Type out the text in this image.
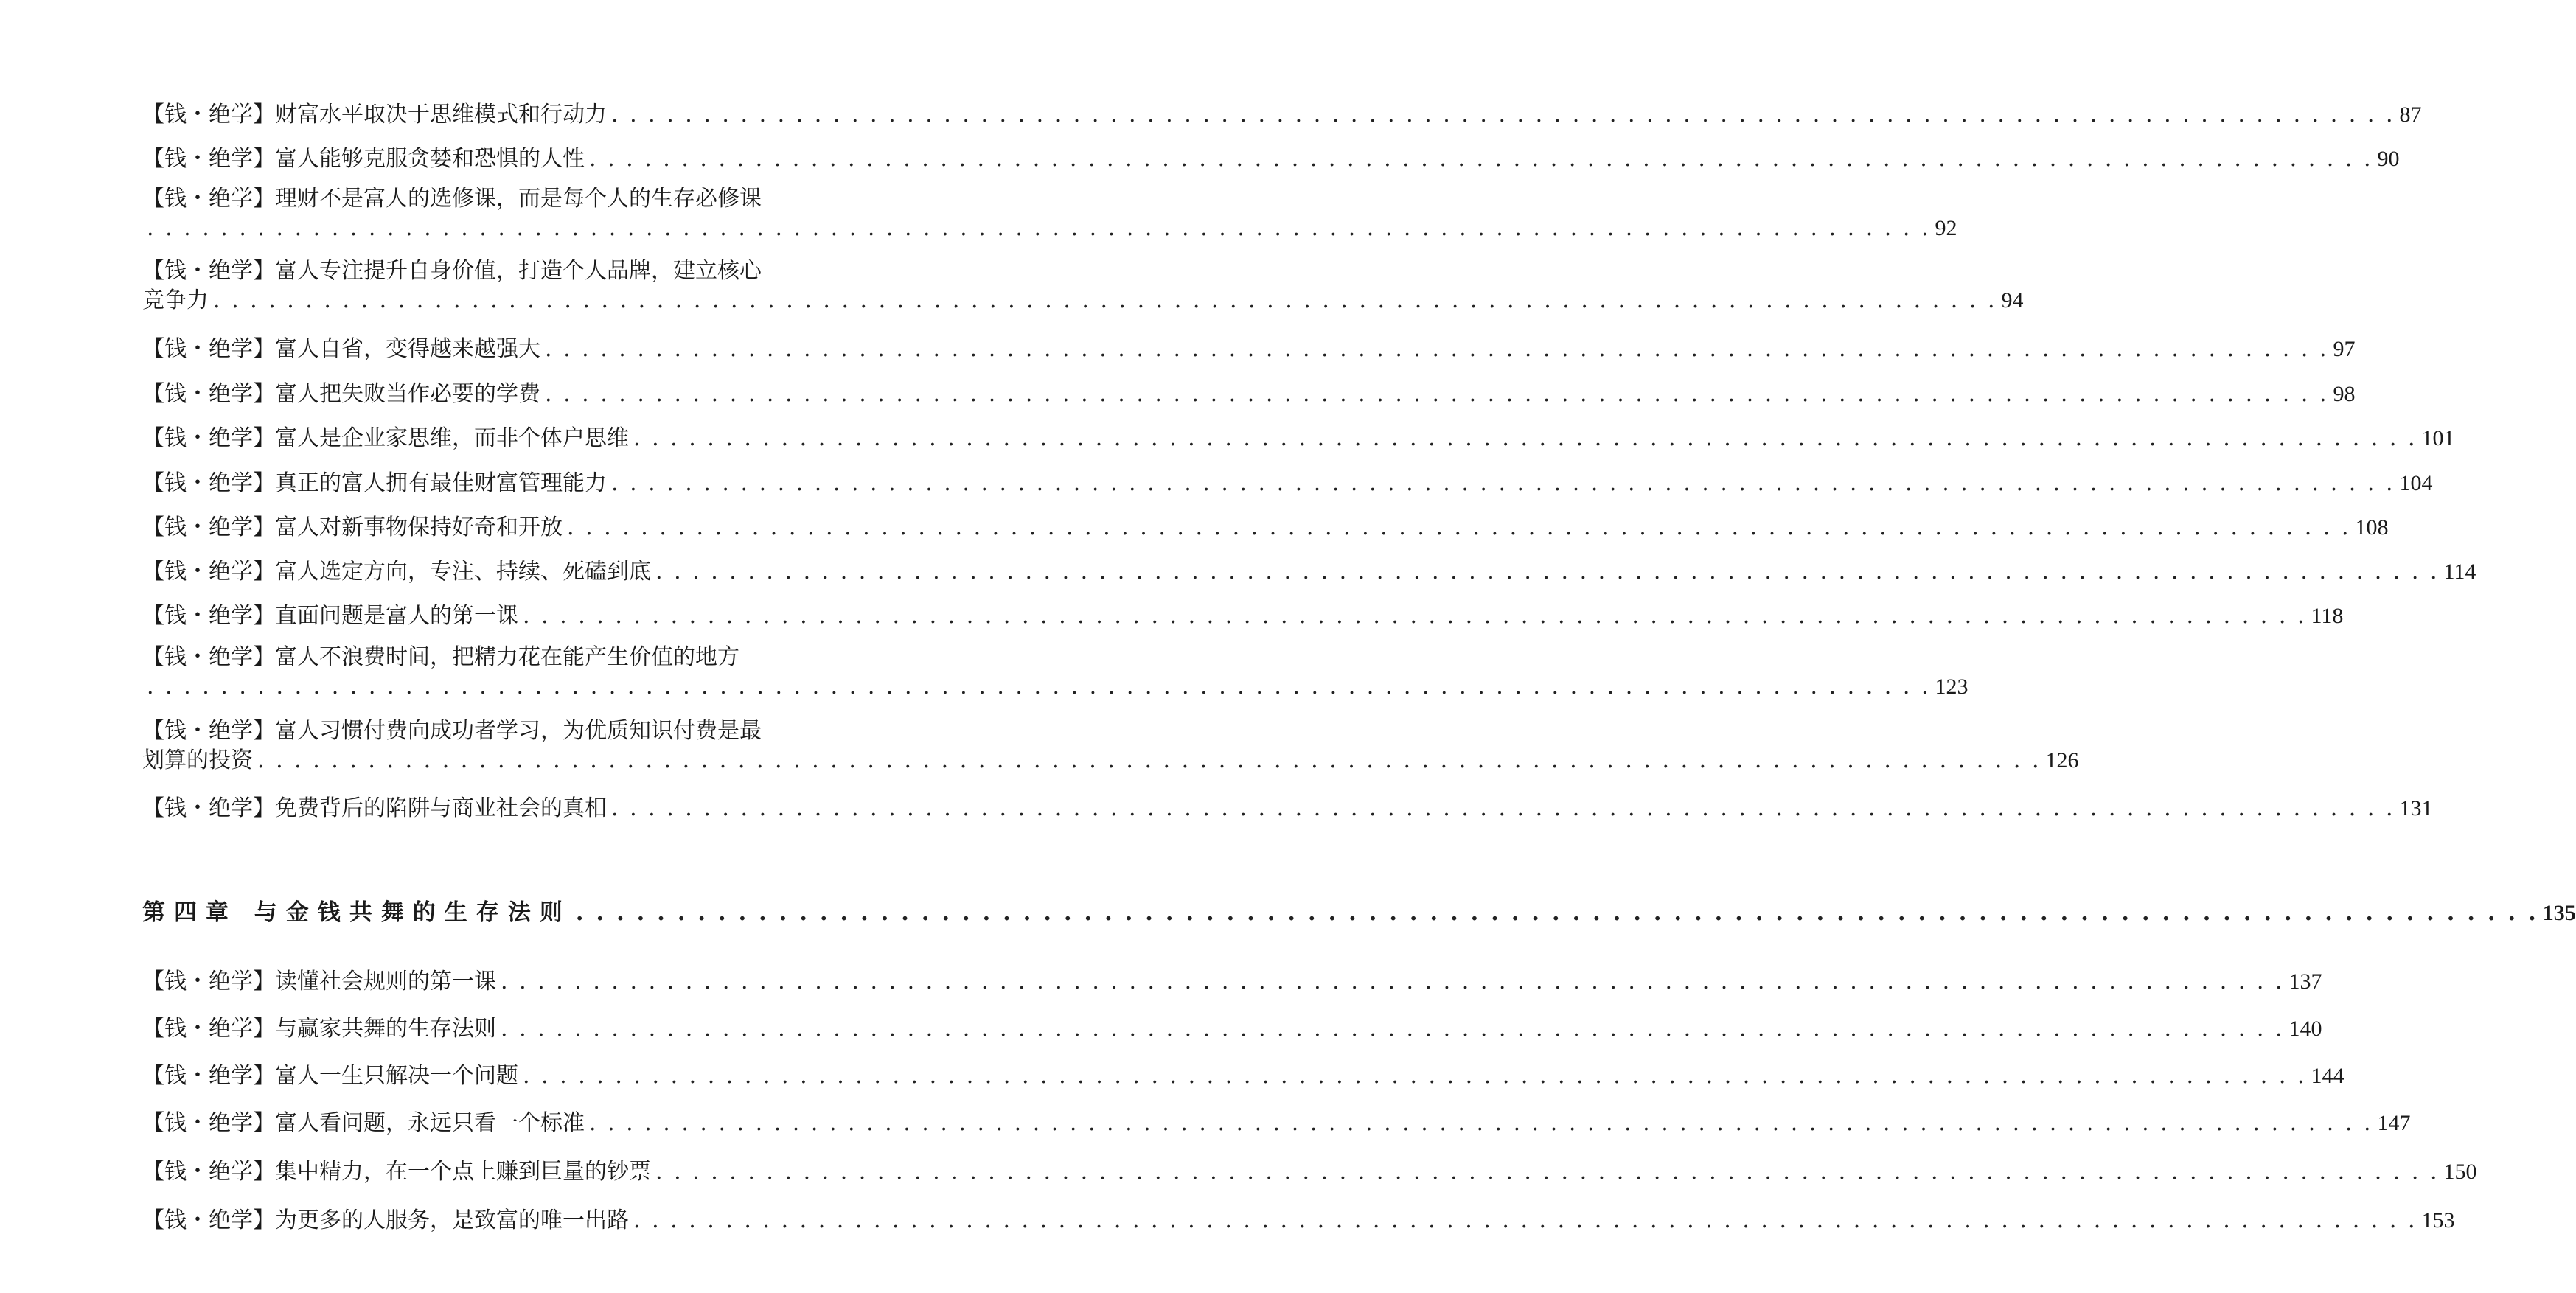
【钱・绝学】财富水平取决于思维模式和行动力 . . . . . . . . . . . . . . . . . . . . . . . . . . . . . . . . . . . . . . . . . . . . . . . . . . . . . . . . . . . . . . . . . . . . . . . . . . . . . . . . . . . . . . . . . . . . . . . . . 87
【钱・绝学】富人能够克服贪婪和恐惧的人性 . . . . . . . . . . . . . . . . . . . . . . . . . . . . . . . . . . . . . . . . . . . . . . . . . . . . . . . . . . . . . . . . . . . . . . . . . . . . . . . . . . . . . . . . . . . . . . . . . 90
【钱・绝学】理财不是富人的选修课，而是每个人的生存必修课
. . . . . . . . . . . . . . . . . . . . . . . . . . . . . . . . . . . . . . . . . . . . . . . . . . . . . . . . . . . . . . . . . . . . . . . . . . . . . . . . . . . . . . . . . . . . . . . . . 92
【钱・绝学】富人专注提升自身价值，打造个人品牌，建立核心
竞争力 . . . . . . . . . . . . . . . . . . . . . . . . . . . . . . . . . . . . . . . . . . . . . . . . . . . . . . . . . . . . . . . . . . . . . . . . . . . . . . . . . . . . . . . . . . . . . . . . . 94
【钱・绝学】富人自省，变得越来越强大 . . . . . . . . . . . . . . . . . . . . . . . . . . . . . . . . . . . . . . . . . . . . . . . . . . . . . . . . . . . . . . . . . . . . . . . . . . . . . . . . . . . . . . . . . . . . . . . . . 97
【钱・绝学】富人把失败当作必要的学费 . . . . . . . . . . . . . . . . . . . . . . . . . . . . . . . . . . . . . . . . . . . . . . . . . . . . . . . . . . . . . . . . . . . . . . . . . . . . . . . . . . . . . . . . . . . . . . . . . 98
【钱・绝学】富人是企业家思维，而非个体户思维 . . . . . . . . . . . . . . . . . . . . . . . . . . . . . . . . . . . . . . . . . . . . . . . . . . . . . . . . . . . . . . . . . . . . . . . . . . . . . . . . . . . . . . . . . . . . . . . . . 101
【钱・绝学】真正的富人拥有最佳财富管理能力 . . . . . . . . . . . . . . . . . . . . . . . . . . . . . . . . . . . . . . . . . . . . . . . . . . . . . . . . . . . . . . . . . . . . . . . . . . . . . . . . . . . . . . . . . . . . . . . . . 104
【钱・绝学】富人对新事物保持好奇和开放 . . . . . . . . . . . . . . . . . . . . . . . . . . . . . . . . . . . . . . . . . . . . . . . . . . . . . . . . . . . . . . . . . . . . . . . . . . . . . . . . . . . . . . . . . . . . . . . . . 108
【钱・绝学】富人选定方向，专注、持续、死磕到底 . . . . . . . . . . . . . . . . . . . . . . . . . . . . . . . . . . . . . . . . . . . . . . . . . . . . . . . . . . . . . . . . . . . . . . . . . . . . . . . . . . . . . . . . . . . . . . . . . 114
【钱・绝学】直面问题是富人的第一课 . . . . . . . . . . . . . . . . . . . . . . . . . . . . . . . . . . . . . . . . . . . . . . . . . . . . . . . . . . . . . . . . . . . . . . . . . . . . . . . . . . . . . . . . . . . . . . . . . 118
【钱・绝学】富人不浪费时间，把精力花在能产生价值的地方
. . . . . . . . . . . . . . . . . . . . . . . . . . . . . . . . . . . . . . . . . . . . . . . . . . . . . . . . . . . . . . . . . . . . . . . . . . . . . . . . . . . . . . . . . . . . . . . . . 123
【钱・绝学】富人习惯付费向成功者学习，为优质知识付费是最
划算的投资 . . . . . . . . . . . . . . . . . . . . . . . . . . . . . . . . . . . . . . . . . . . . . . . . . . . . . . . . . . . . . . . . . . . . . . . . . . . . . . . . . . . . . . . . . . . . . . . . . 126
【钱・绝学】免费背后的陷阱与商业社会的真相 . . . . . . . . . . . . . . . . . . . . . . . . . . . . . . . . . . . . . . . . . . . . . . . . . . . . . . . . . . . . . . . . . . . . . . . . . . . . . . . . . . . . . . . . . . . . . . . . . 131
第四章 与金钱共舞的生存法则 . . . . . . . . . . . . . . . . . . . . . . . . . . . . . . . . . . . . . . . . . . . . . . . . . . . . . . . . . . . . . . . . . . . . . . . . . . . . . . . . . . . . . . . . . . . . . . . . . 135
【钱・绝学】读懂社会规则的第一课 . . . . . . . . . . . . . . . . . . . . . . . . . . . . . . . . . . . . . . . . . . . . . . . . . . . . . . . . . . . . . . . . . . . . . . . . . . . . . . . . . . . . . . . . . . . . . . . . . 137
【钱・绝学】与赢家共舞的生存法则 . . . . . . . . . . . . . . . . . . . . . . . . . . . . . . . . . . . . . . . . . . . . . . . . . . . . . . . . . . . . . . . . . . . . . . . . . . . . . . . . . . . . . . . . . . . . . . . . . 140
【钱・绝学】富人一生只解决一个问题 . . . . . . . . . . . . . . . . . . . . . . . . . . . . . . . . . . . . . . . . . . . . . . . . . . . . . . . . . . . . . . . . . . . . . . . . . . . . . . . . . . . . . . . . . . . . . . . . . 144
【钱・绝学】富人看问题，永远只看一个标准 . . . . . . . . . . . . . . . . . . . . . . . . . . . . . . . . . . . . . . . . . . . . . . . . . . . . . . . . . . . . . . . . . . . . . . . . . . . . . . . . . . . . . . . . . . . . . . . . . 147
【钱・绝学】集中精力，在一个点上赚到巨量的钞票 . . . . . . . . . . . . . . . . . . . . . . . . . . . . . . . . . . . . . . . . . . . . . . . . . . . . . . . . . . . . . . . . . . . . . . . . . . . . . . . . . . . . . . . . . . . . . . . . . 150
【钱・绝学】为更多的人服务，是致富的唯一出路 . . . . . . . . . . . . . . . . . . . . . . . . . . . . . . . . . . . . . . . . . . . . . . . . . . . . . . . . . . . . . . . . . . . . . . . . . . . . . . . . . . . . . . . . . . . . . . . . . 153
